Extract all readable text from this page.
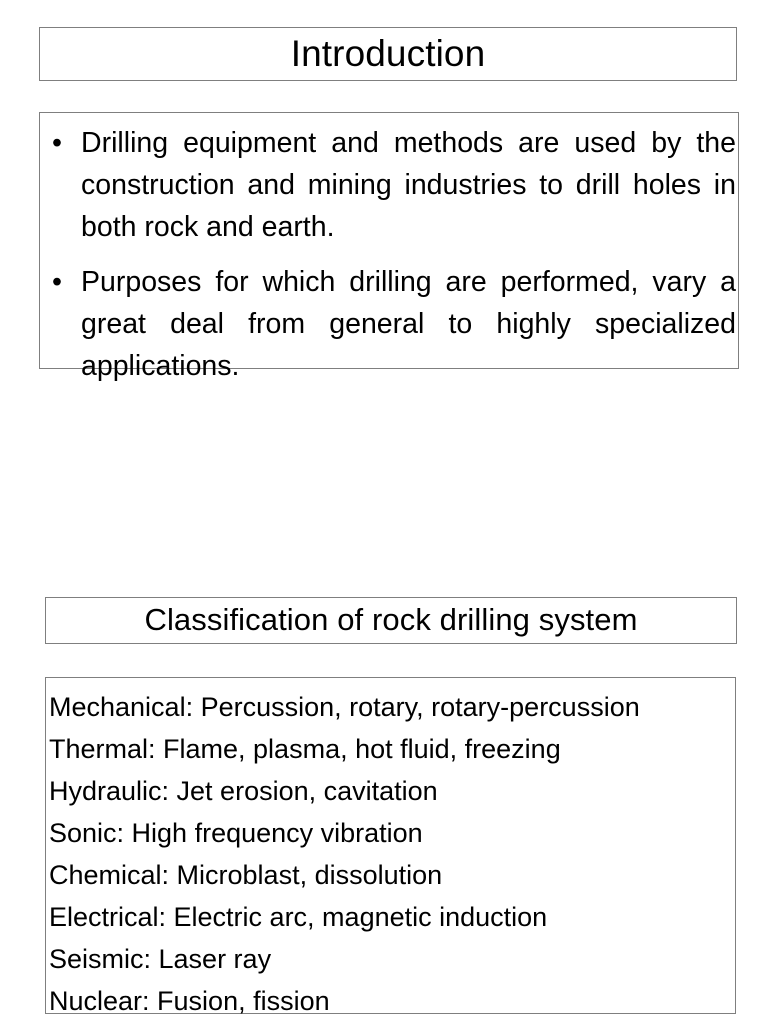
Introduction
• Drilling equipment and methods are used by the construction and mining industries to drill holes in both rock and earth.
• Purposes for which drilling are performed, vary a great deal from general to highly specialized applications.
Classification of rock drilling system
Mechanical: Percussion, rotary, rotary-percussion
Thermal: Flame, plasma, hot fluid, freezing
Hydraulic: Jet erosion, cavitation
Sonic: High frequency vibration
Chemical: Microblast, dissolution
Electrical: Electric arc, magnetic induction
Seismic: Laser ray
Nuclear: Fusion, fission
